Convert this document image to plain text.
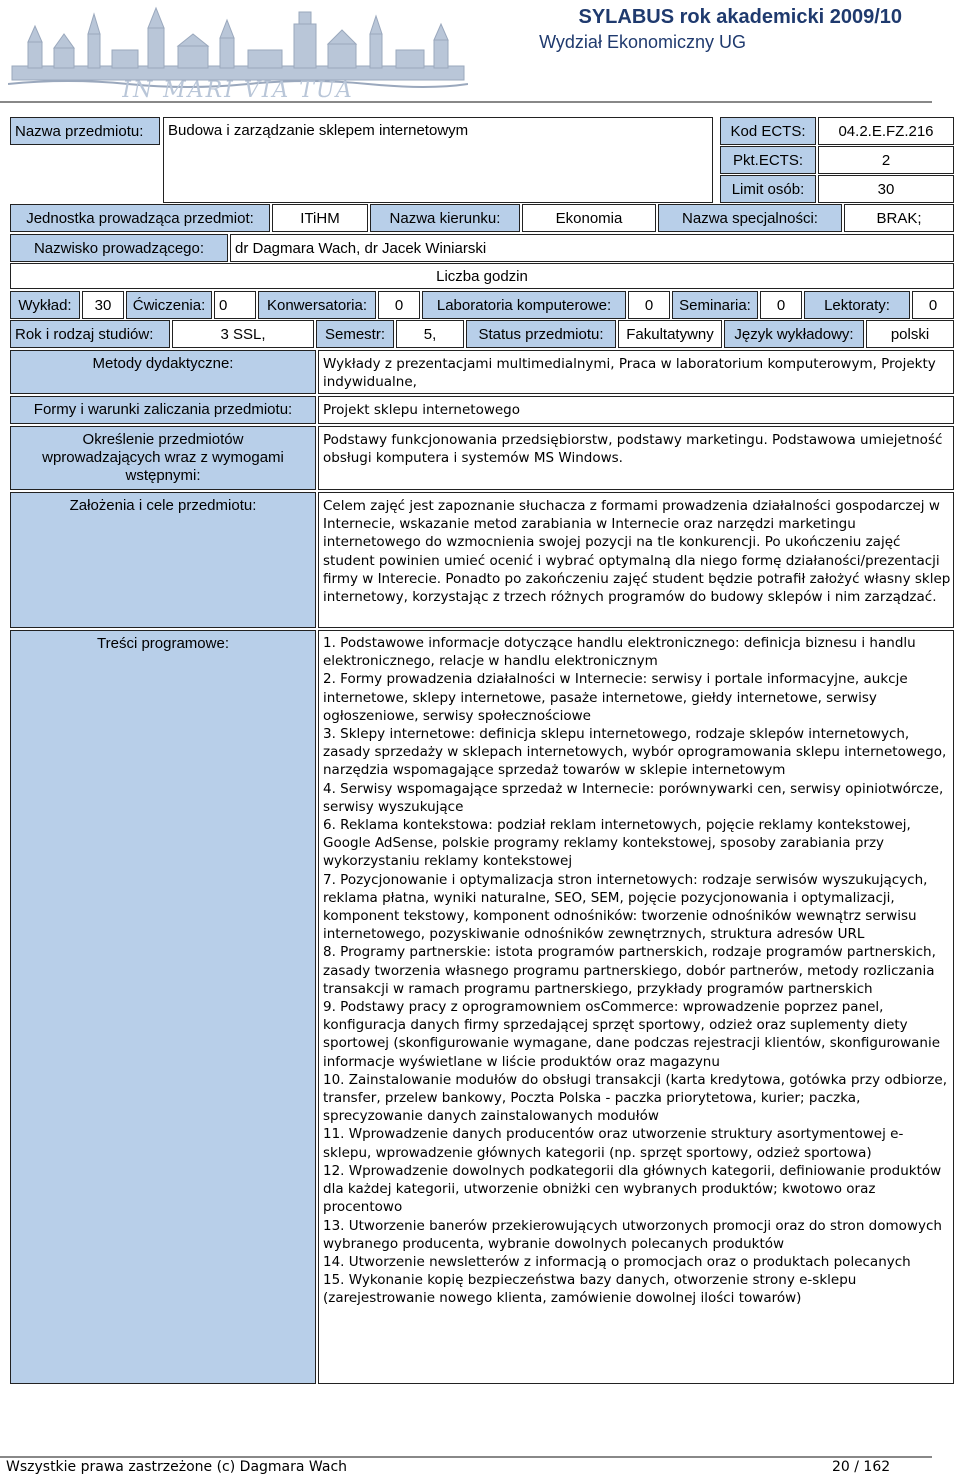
IN MARI VIA TUA
SYLABUS rok akademicki 2009/10
Wydział Ekonomiczny UG
Nazwa przedmiotu:	Budowa i zarządzanie sklepem internetowym	Kod ECTS:	04.2.E.FZ.216
Pkt.ECTS:	2
Limit osób:	30
Jednostka prowadząca przedmiot:	ITiHM	Nazwa kierunku:	Ekonomia	Nazwa specjalności:	BRAK;
Nazwisko prowadzącego:	dr Dagmara Wach, dr Jacek Winiarski
Liczba godzin
Wykład:	30	Ćwiczenia: 0	Konwersatoria:	0	Laboratoria komputerowe:	0	Seminaria:	0	Lektoraty:	0
Rok i rodzaj studiów:	3 SSL,	Semestr:	5,	Status przedmiotu:	Fakultatywny	Język wykładowy:	polski
Metody dydaktyczne:	Wykłady z prezentacjami multimedialnymi, Praca w laboratorium komputerowym, Projekty indywidualne,
Formy i warunki zaliczania przedmiotu:	Projekt sklepu internetowego
Określenie przedmiotów wprowadzających wraz z wymogami wstępnymi:
Podstawy funkcjonowania przedsiębiorstw, podstawy marketingu. Podstawowa umiejetność obsługi komputera i systemów MS Windows.
Założenia i cele przedmiotu:	Celem zajęć jest zapoznanie słuchacza z formami prowadzenia działalności gospodarczej w Internecie, wskazanie metod zarabiania w Internecie oraz narzędzi marketingu internetowego do wzmocnienia swojej pozycji na tle konkurencji. Po ukończeniu zajęć student powinien umieć ocenić i wybrać optymalną dla niego formę działaności/prezentacji firmy w Interecie. Ponadto po zakończeniu zajęć student będzie potrafił założyć własny sklep internetowy, korzystając z trzech różnych programów do budowy sklepów i nim zarządzać.
Treści programowe:	1. Podstawowe informacje dotyczące handlu elektronicznego: definicja biznesu i handlu elektronicznego, relacje w handlu elektronicznym
2. Formy prowadzenia działalności w Internecie: serwisy i portale informacyjne, aukcje internetowe, sklepy internetowe, pasaże internetowe, giełdy internetowe, serwisy ogłoszeniowe, serwisy społecznościowe
3. Sklepy internetowe: definicja sklepu internetowego, rodzaje sklepów internetowych, zasady sprzedaży w sklepach internetowych, wybór oprogramowania sklepu internetowego, narzędzia wspomagające sprzedaż towarów w sklepie internetowym
4. Serwisy wspomagające sprzedaż w Internecie: porównywarki cen, serwisy opiniotwórcze, serwisy wyszukujące
6. Reklama kontekstowa: podział reklam internetowych, pojęcie reklamy kontekstowej, Google AdSense, polskie programy reklamy kontekstowej, sposoby zarabiania przy wykorzystaniu reklamy kontekstowej
7. Pozycjonowanie i optymalizacja stron internetowych: rodzaje serwisów wyszukujących, reklama płatna, wyniki naturalne, SEO, SEM, pojęcie pozycjonowania i optymalizacji, komponent tekstowy, komponent odnośników: tworzenie odnośników wewnątrz serwisu internetowego, pozyskiwanie odnośników zewnętrznych, struktura adresów URL
8. Programy partnerskie: istota programów partnerskich, rodzaje programów partnerskich, zasady tworzenia własnego programu partnerskiego, dobór partnerów, metody rozliczania transakcji w ramach programu partnerskiego, przykłady programów partnerskich
9. Podstawy pracy z oprogramowniem osCommerce: wprowadzenie poprzez panel, konfiguracja danych firmy sprzedającej sprzęt sportowy, odzież oraz suplementy diety sportowej (skonfigurowanie wymagane, dane podczas rejestracji klientów, skonfigurowanie informacje wyświetlane w liście produktów oraz magazynu
10. Zainstalowanie modułów do obsługi transakcji (karta kredytowa, gotówka przy odbiorze, transfer, przelew bankowy, Poczta Polska - paczka priorytetowa, kurier; paczka, sprecyzowanie danych zainstalowanych modułów
11. Wprowadzenie danych producentów oraz utworzenie struktury asortymentowej e-sklepu, wprowadzenie głównych kategorii (np. sprzęt sportowy, odzież sportowa)
12. Wprowadzenie dowolnych podkategorii dla głównych kategorii, definiowanie produktów dla każdej kategorii, utworzenie obniżki cen wybranych produktów; kwotowo oraz procentowo
13. Utworzenie banerów przekierowujących utworzonych promocji oraz do stron domowych wybranego producenta, wybranie dowolnych polecanych produktów
14. Utworzenie newsletterów z informacją o promocjach oraz o produktach polecanych
15. Wykonanie kopię bezpieczeństwa bazy danych, otworzenie strony e-sklepu (zarejestrowanie nowego klienta, zamówienie dowolnej ilości towarów)
Wszystkie prawa zastrzeżone (c) Dagmara Wach	20 / 162
